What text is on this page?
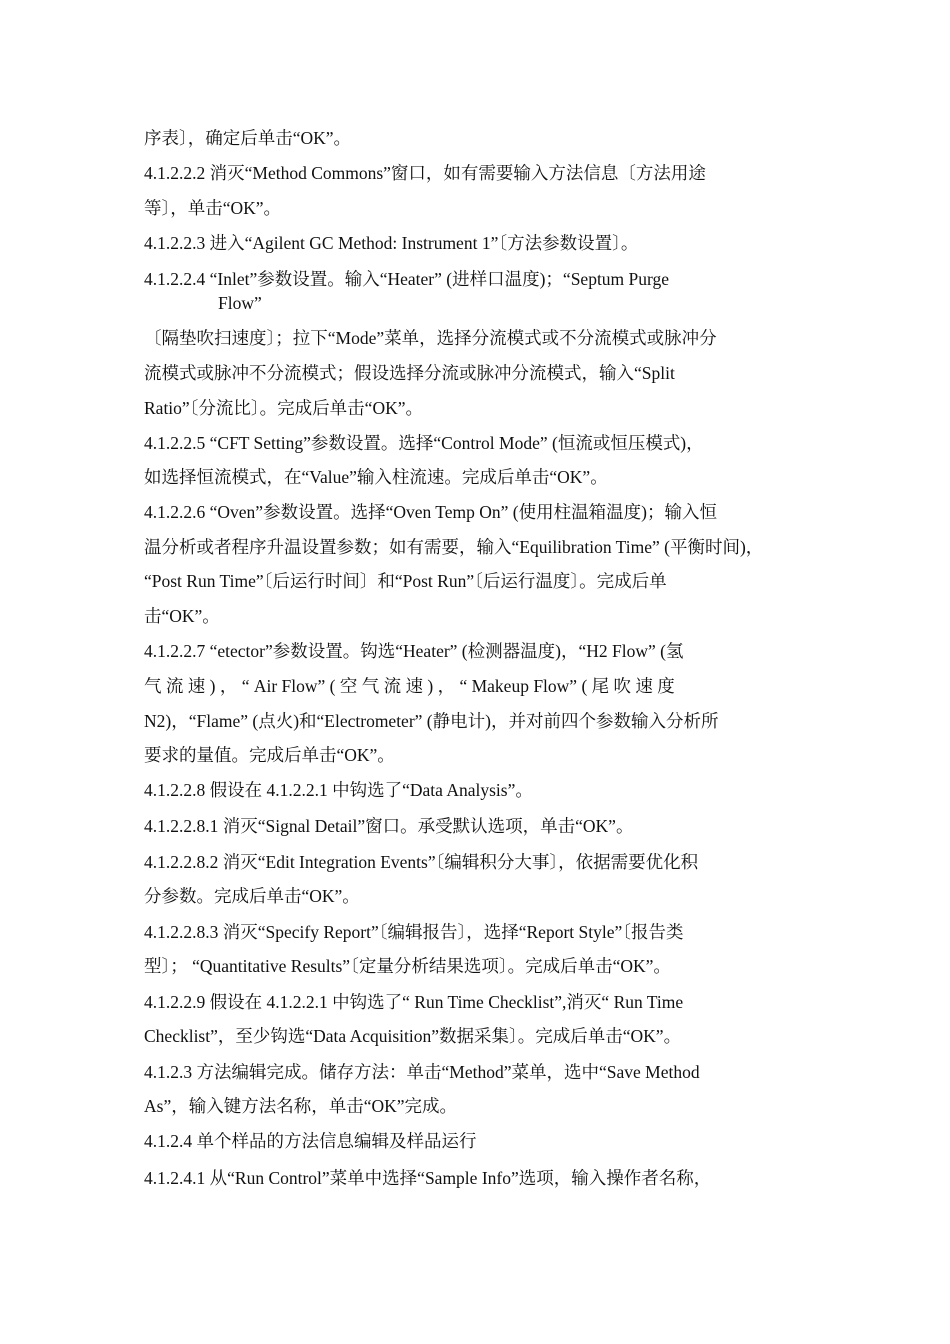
序表〕，确定后单击“OK”。
4.1.2.2.2 消灭“Method Commons”窗口，如有需要输入方法信息〔方法用途
等〕，单击“OK”。
4.1.2.2.3 进入“Agilent GC Method: Instrument 1”〔方法参数设置〕。
4.1.2.2.4 “Inlet”参数设置。输入“Heater” (进样口温度)；“Septum Purge
Flow”
〔隔垫吹扫速度〕；拉下“Mode”菜单，选择分流模式或不分流模式或脉冲分
流模式或脉冲不分流模式；假设选择分流或脉冲分流模式，输入“Split
Ratio”〔分流比〕。完成后单击“OK”。
4.1.2.2.5 “CFT Setting”参数设置。选择“Control Mode” (恒流或恒压模式)，
如选择恒流模式，在“Value”输入柱流速。完成后单击“OK”。
4.1.2.2.6 “Oven”参数设置。选择“Oven Temp On” (使用柱温箱温度)；输入恒
温分析或者程序升温设置参数；如有需要，输入“Equilibration Time” (平衡时间)，
“Post Run Time”〔后运行时间〕和“Post Run”〔后运行温度〕。完成后单
击“OK”。
4.1.2.2.7 “etector”参数设置。钩选“Heater” (检测器温度)，“H2 Flow” (氢
气 流 速 ) ， “ Air Flow” ( 空 气 流 速 ) ， “ Makeup Flow” ( 尾 吹 速 度
N2)，“Flame” (点火)和“Electrometer” (静电计)，并对前四个参数输入分析所
要求的量值。完成后单击“OK”。
4.1.2.2.8 假设在 4.1.2.2.1 中钩选了“Data Analysis”。
4.1.2.2.8.1 消灭“Signal Detail”窗口。承受默认选项，单击“OK”。
4.1.2.2.8.2 消灭“Edit Integration Events”〔编辑积分大事〕，依据需要优化积
分参数。完成后单击“OK”。
4.1.2.2.8.3 消灭“Specify Report”〔编辑报告〕，选择“Report Style”〔报告类
型〕； “Quantitative Results”〔定量分析结果选项〕。完成后单击“OK”。
4.1.2.2.9 假设在 4.1.2.2.1 中钩选了“ Run Time Checklist”,消灭“ Run Time
Checklist”，至少钩选“Data Acquisition”数据采集〕。完成后单击“OK”。
4.1.2.3 方法编辑完成。储存方法：单击“Method”菜单，选中“Save Method
As”，输入键方法名称，单击“OK”完成。
4.1.2.4 单个样品的方法信息编辑及样品运行
4.1.2.4.1 从“Run Control”菜单中选择“Sample Info”选项，输入操作者名称，
